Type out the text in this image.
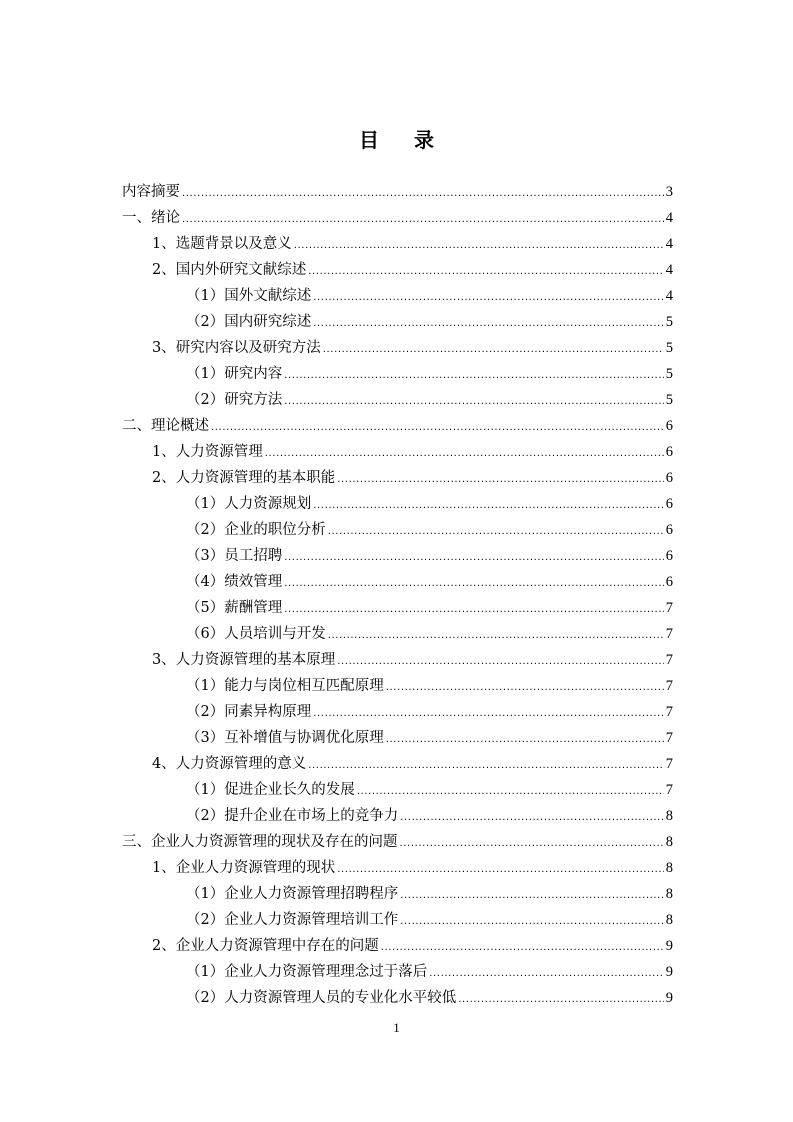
目 录
内容摘要 .....	3
一、绪论 .....	4
1、选题背景以及意义 .....	4
2、国内外研究文献综述 .....	4
（1）国外文献综述 .....	4
（2）国内研究综述 .....	5
3、研究内容以及研究方法 .....	5
（1）研究内容 .....	5
（2）研究方法 .....	5
二、理论概述 .....	6
1、人力资源管理 .....	6
2、人力资源管理的基本职能 .....	6
（1）人力资源规划 .....	6
（2）企业的职位分析 .....	6
（3）员工招聘 .....	6
（4）绩效管理 .....	6
（5）薪酬管理 .....	7
（6）人员培训与开发 .....	7
3、人力资源管理的基本原理 .....	7
（1）能力与岗位相互匹配原理 .....	7
（2）同素异构原理 .....	7
（3）互补增值与协调优化原理 .....	7
4、人力资源管理的意义 .....	7
（1）促进企业长久的发展 .....	7
（2）提升企业在市场上的竞争力 .....	8
三、企业人力资源管理的现状及存在的问题 .....	8
1、企业人力资源管理的现状 .....	8
（1）企业人力资源管理招聘程序 .....	8
（2）企业人力资源管理培训工作 .....	8
2、企业人力资源管理中存在的问题 .....	9
（1）企业人力资源管理理念过于落后 .....	9
（2）人力资源管理人员的专业化水平较低 .....	9
1
